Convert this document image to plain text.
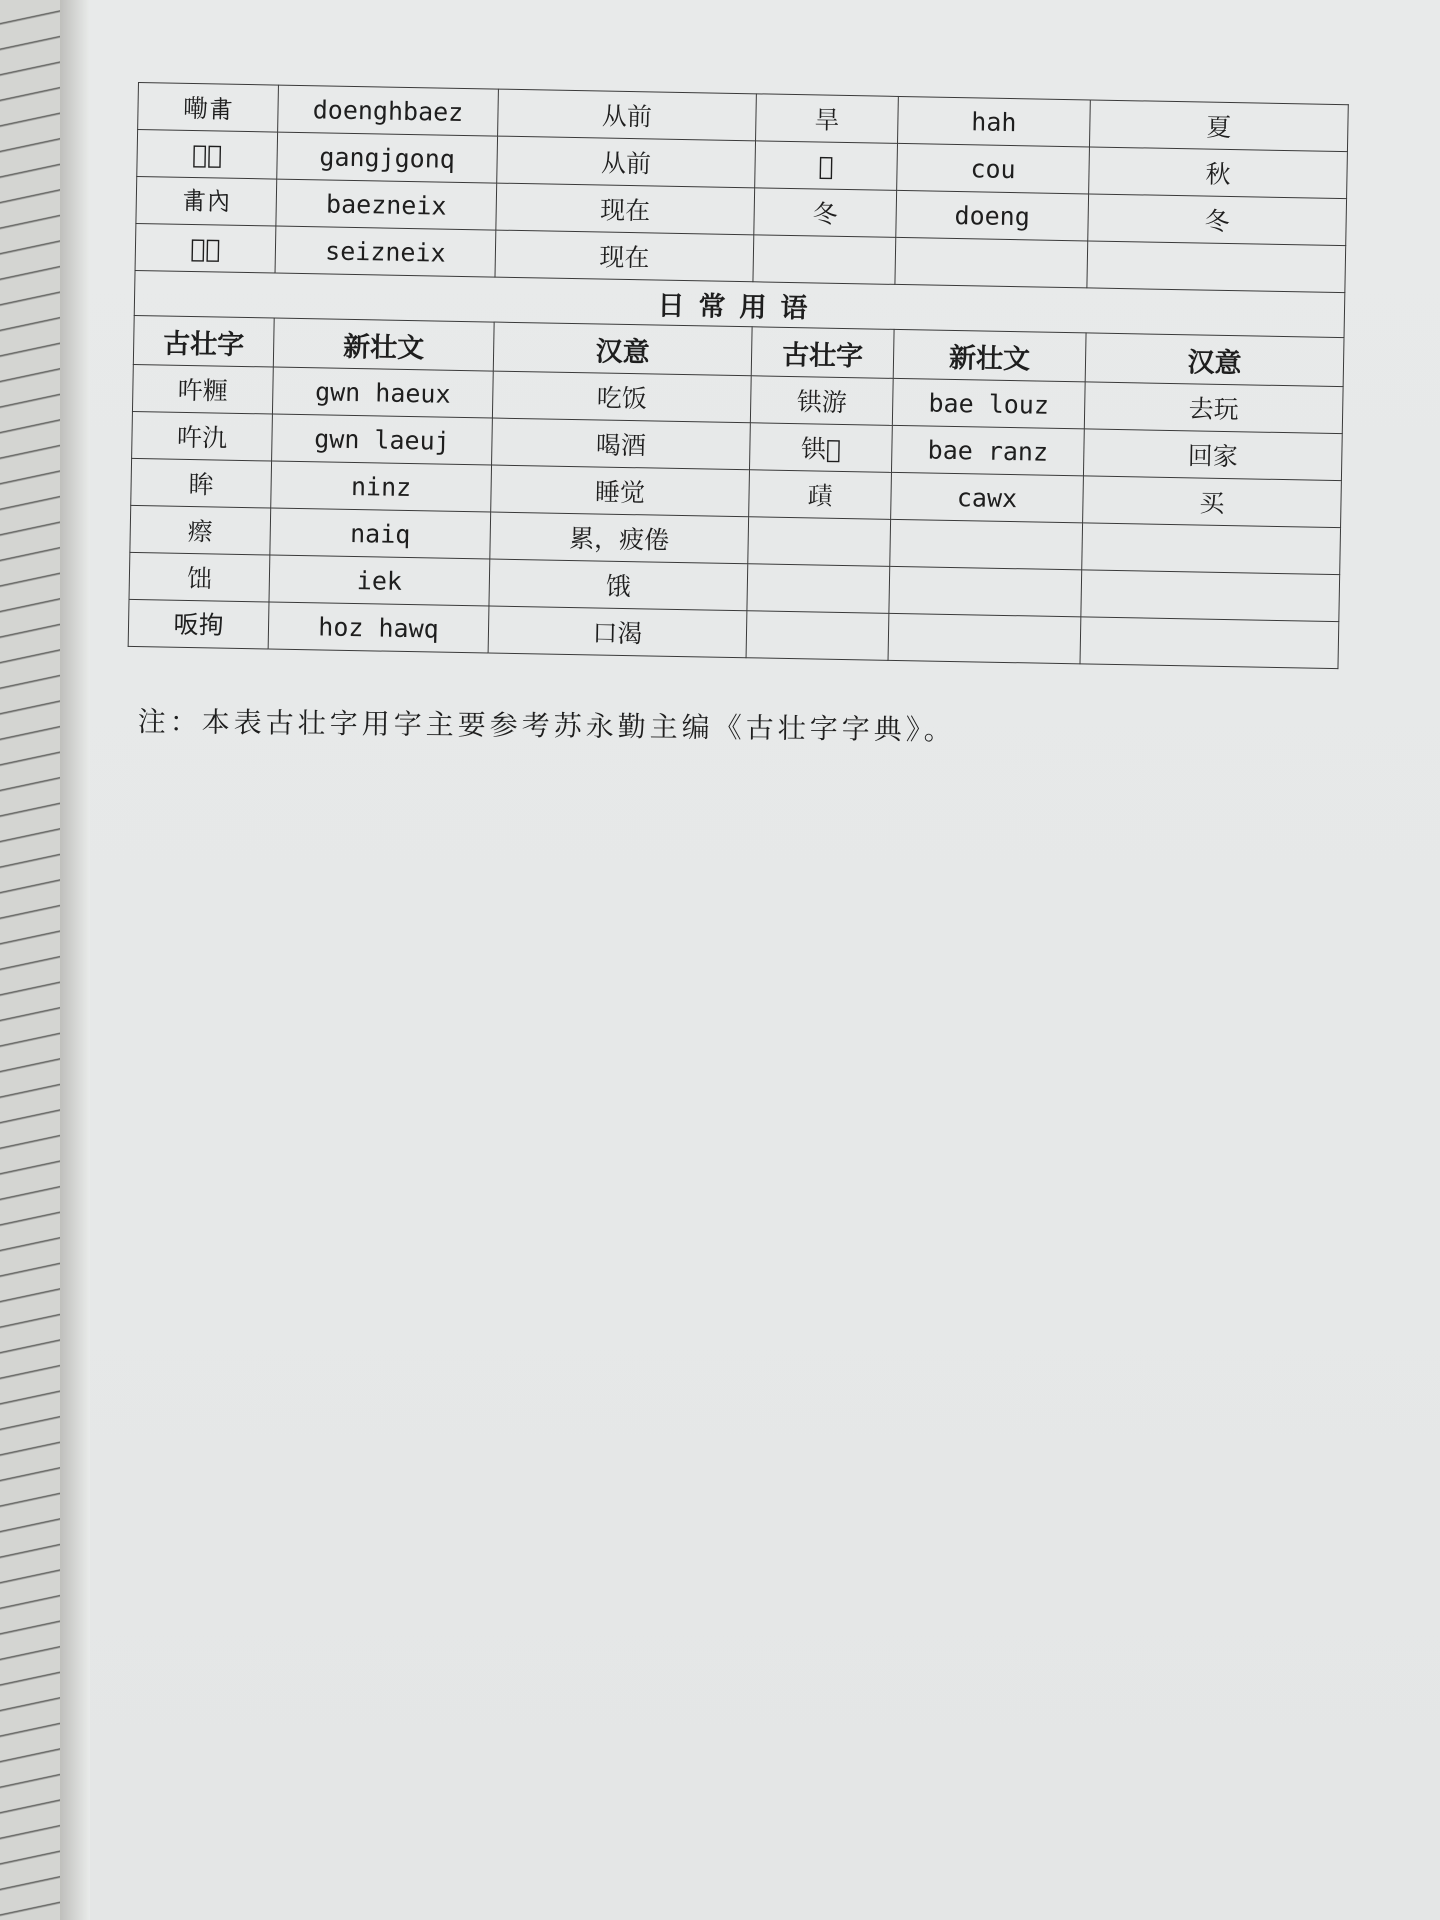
嘞𬎾	doenghbaez	从前	旱	hah	夏
𠲤𫗍	gangjgonq	从前	𡟏	cou	秋
𬎾内	baezneix	现在	冬	doeng	冬
𬖂内	seizneix	现在			
日常用语					
古壮字	新壮文	汉意	古壮字	新壮文	汉意
吘糎	gwn haeux	吃饭	𫟹游	bae louz	去玩
吘氿	gwn laeuj	喝酒	𫟹𡧲	bae ranz	回家
眸	ninz	睡觉	𧶷	cawx	买
瘵	naiq	累，疲倦			
饳	iek	饿			
𠯘㧦	hoz hawq	口渴			
注：本表古壮字用字主要参考苏永勤主编《古壮字字典》。
